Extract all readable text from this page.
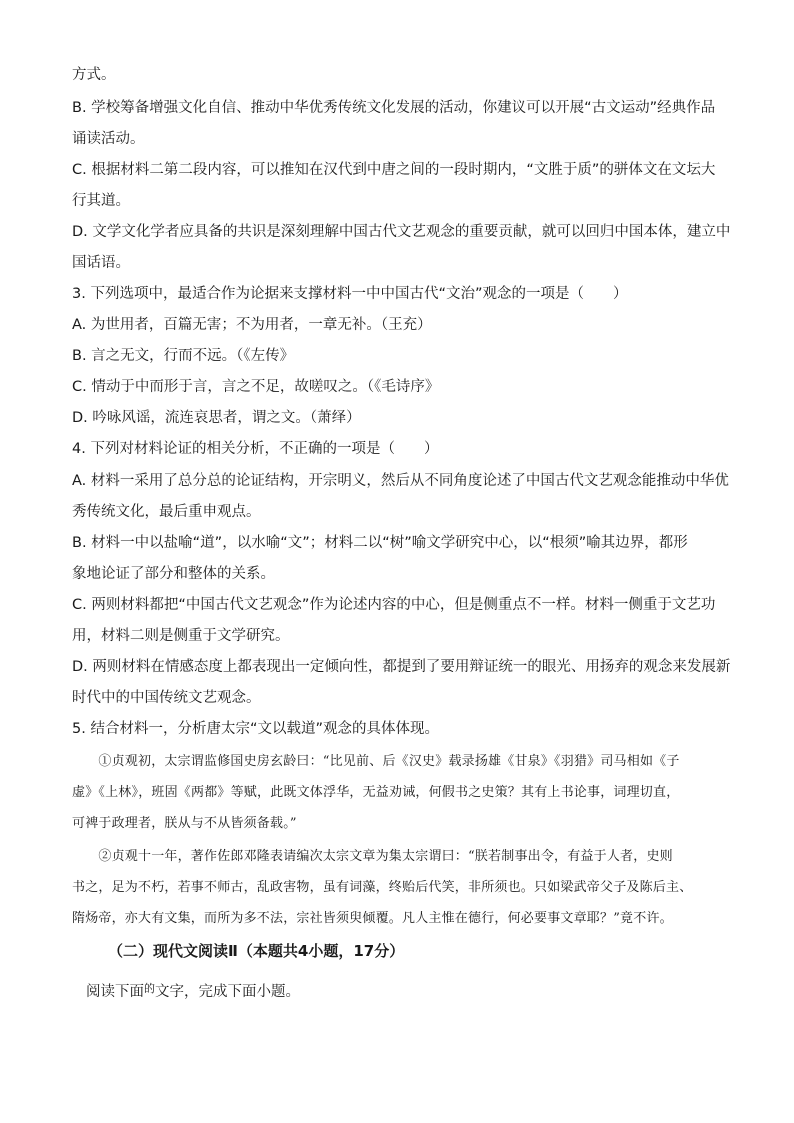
方式。
B. 学校筹备增强文化自信、推动中华优秀传统文化发展的活动，你建议可以开展“古文运动”经典作品
诵读活动。
C. 根据材料二第二段内容，可以推知在汉代到中唐之间的一段时期内，“文胜于质”的骈体文在文坛大
行其道。
D. 文学文化学者应具备的共识是深刻理解中国古代文艺观念的重要贡献，就可以回归中国本体，建立中
国话语。
3. 下列选项中，最适合作为论据来支撑材料一中中国古代“文治”观念的一项是（　　）
A. 为世用者，百篇无害；不为用者，一章无补。（王充）
B. 言之无文，行而不远。（《左传》
C. 情动于中而形于言，言之不足，故嗟叹之。（《毛诗序》
D. 吟咏风谣，流连哀思者，谓之文。（萧绎）
4. 下列对材料论证的相关分析，不正确的一项是（　　）
A. 材料一采用了总分总的论证结构，开宗明义，然后从不同角度论述了中国古代文艺观念能推动中华优
秀传统文化，最后重申观点。
B. 材料一中以盐喻“道”，以水喻“文”；材料二以“树”喻文学研究中心，以“根须”喻其边界，都形
象地论证了部分和整体的关系。
C. 两则材料都把“中国古代文艺观念”作为论述内容的中心，但是侧重点不一样。材料一侧重于文艺功
用，材料二则是侧重于文学研究。
D. 两则材料在情感态度上都表现出一定倾向性，都提到了要用辩证统一的眼光、用扬弃的观念来发展新
时代中的中国传统文艺观念。
5. 结合材料一，分析唐太宗“文以载道”观念的具体体现。
　　①贞观初，太宗谓监修国史房玄龄曰：“比见前、后《汉史》载录扬雄《甘泉》《羽猎》司马相如《子
虚》《上林》，班固《两都》等赋，此既文体浮华，无益劝诫，何假书之史策？其有上书论事，词理切直，
可裨于政理者，朕从与不从皆须备载。”
　　②贞观十一年，著作佐郎邓隆表请编次太宗文章为集太宗谓曰：“朕若制事出令，有益于人者，史则
书之，足为不朽，若事不师古，乱政害物，虽有词藻，终贻后代笑，非所须也。只如梁武帝父子及陈后主、
隋炀帝，亦大有文集，而所为多不法，宗社皆须臾倾覆。凡人主惟在德行，何必要事文章耶？”竟不许。
（二）现代文阅读Ⅱ（本题共4小题，17分）
阅读下面$^的$文字，完成下面小题。
